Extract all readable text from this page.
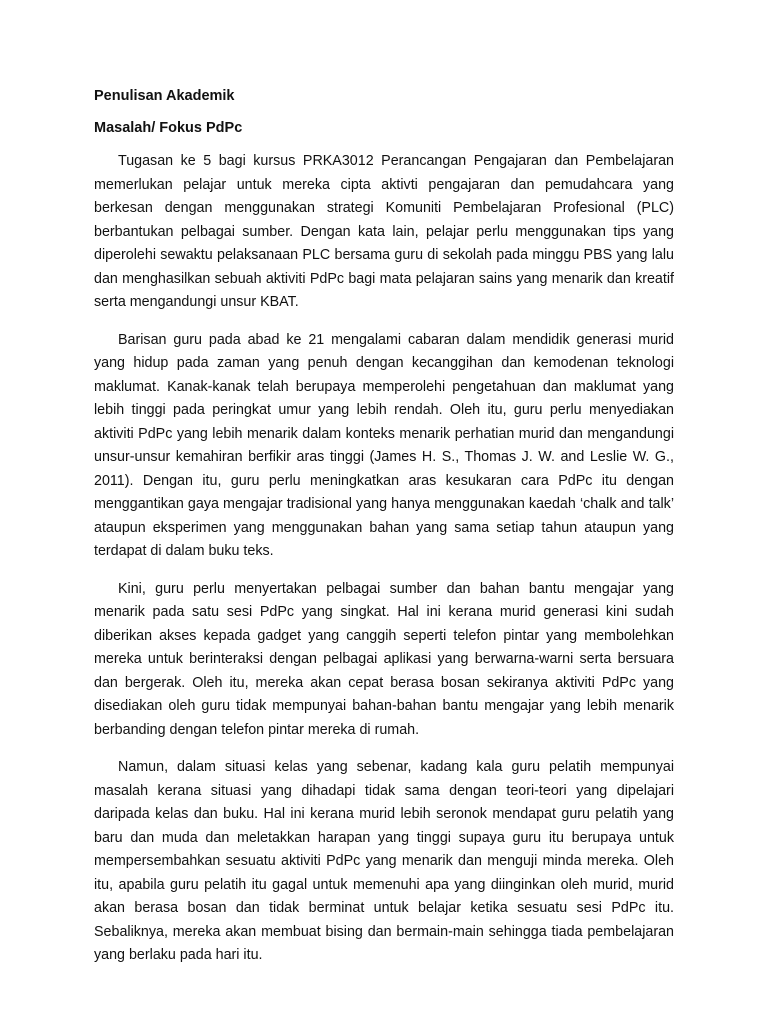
Penulisan Akademik

Masalah/ Fokus PdPc

Tugasan ke 5 bagi kursus PRKA3012 Perancangan Pengajaran dan Pembelajaran memerlukan pelajar untuk mereka cipta aktivti pengajaran dan pemudahcara yang berkesan dengan menggunakan strategi Komuniti Pembelajaran Profesional (PLC) berbantukan pelbagai sumber. Dengan kata lain, pelajar perlu menggunakan tips yang diperolehi sewaktu pelaksanaan PLC bersama guru di sekolah pada minggu PBS yang lalu dan menghasilkan sebuah aktiviti PdPc bagi mata pelajaran sains yang menarik dan kreatif serta mengandungi unsur KBAT.

Barisan guru pada abad ke 21 mengalami cabaran dalam mendidik generasi murid yang hidup pada zaman yang penuh dengan kecanggihan dan kemodenan teknologi maklumat. Kanak-kanak telah berupaya memperolehi pengetahuan dan maklumat yang lebih tinggi pada peringkat umur yang lebih rendah. Oleh itu, guru perlu menyediakan aktiviti PdPc yang lebih menarik dalam konteks menarik perhatian murid dan mengandungi unsur-unsur kemahiran berfikir aras tinggi (James H. S., Thomas J. W. and Leslie W. G., 2011). Dengan itu, guru perlu meningkatkan aras kesukaran cara PdPc itu dengan menggantikan gaya mengajar tradisional yang hanya menggunakan kaedah ‘chalk and talk’ ataupun eksperimen yang menggunakan bahan yang sama setiap tahun ataupun yang terdapat di dalam buku teks.

Kini, guru perlu menyertakan pelbagai sumber dan bahan bantu mengajar yang menarik pada satu sesi PdPc yang singkat. Hal ini kerana murid generasi kini sudah diberikan akses kepada gadget yang canggih seperti telefon pintar yang membolehkan mereka untuk berinteraksi dengan pelbagai aplikasi yang berwarna-warni serta bersuara dan bergerak. Oleh itu, mereka akan cepat berasa bosan sekiranya aktiviti PdPc yang disediakan oleh guru tidak mempunyai bahan-bahan bantu mengajar yang lebih menarik berbanding dengan telefon pintar mereka di rumah.

Namun, dalam situasi kelas yang sebenar, kadang kala guru pelatih mempunyai masalah kerana situasi yang dihadapi tidak sama dengan teori-teori yang dipelajari daripada kelas dan buku. Hal ini kerana murid lebih seronok mendapat guru pelatih yang baru dan muda dan meletakkan harapan yang tinggi supaya guru itu berupaya untuk mempersembahkan sesuatu aktiviti PdPc yang menarik dan menguji minda mereka. Oleh itu, apabila guru pelatih itu gagal untuk memenuhi apa yang diinginkan oleh murid, murid akan berasa bosan dan tidak berminat untuk belajar ketika sesuatu sesi PdPc itu. Sebaliknya, mereka akan membuat bising dan bermain-main sehingga tiada pembelajaran yang berlaku pada hari itu.
